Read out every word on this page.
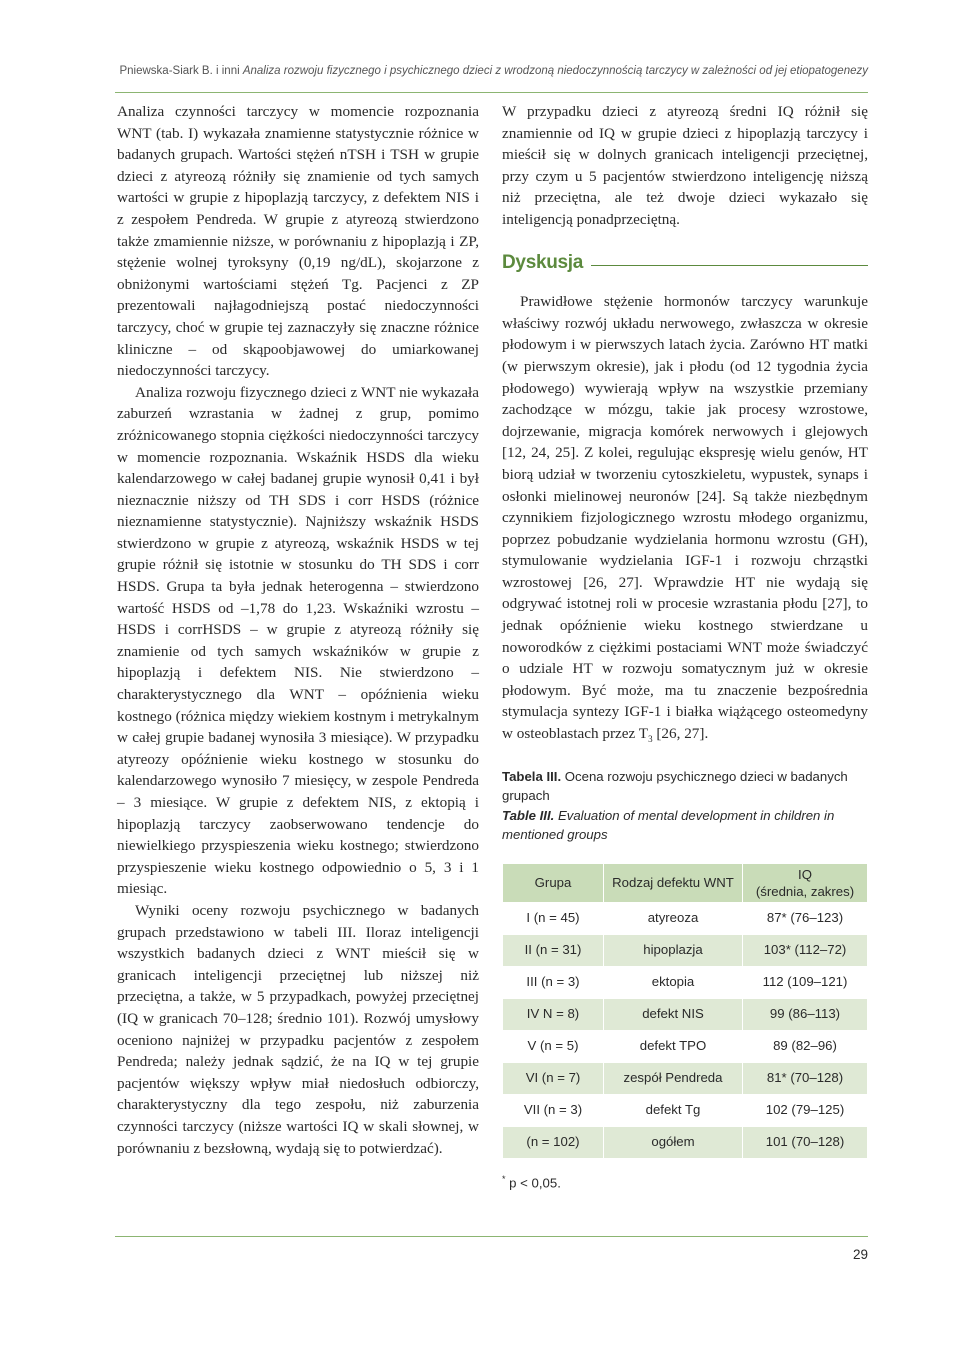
Pniewska-Siark B. i inni Analiza rozwoju fizycznego i psychicznego dzieci z wrodzoną niedoczynnością tarczycy w zależności od jej etiopatogenezy

Analiza czynności tarczycy w momencie rozpoznania WNT (tab. I) wykazała znamienne statystycznie różnice w badanych grupach. Wartości stężeń nTSH i TSH w grupie dzieci z atyreozą różniły się znamienie od tych samych wartości w grupie z hipoplazją tarczycy, z defektem NIS i z zespołem Pendreda. W grupie z atyreozą stwierdzono także zmamiennie niższe, w porównaniu z hipoplazją i ZP, stężenie wolnej tyroksyny (0,19 ng/dL), skojarzone z obniżonymi wartościami stężeń Tg. Pacjenci z ZP prezentowali najłagodniejszą postać niedoczynności tarczycy, choć w grupie tej zaznaczyły się znaczne różnice kliniczne – od skąpoobjawowej do umiarkowanej niedoczynności tarczycy.

Analiza rozwoju fizycznego dzieci z WNT nie wykazała zaburzeń wzrastania w żadnej z grup, pomimo zróżnicowanego stopnia ciężkości niedoczynności tarczycy w momencie rozpoznania. Wskaźnik HSDS dla wieku kalendarzowego w całej badanej grupie wynosił 0,41 i był nieznacznie niższy od TH SDS i corr HSDS (różnice nieznamienne statystycznie). Najniższy wskaźnik HSDS stwierdzono w grupie z atyreozą, wskaźnik HSDS w tej grupie różnił się istotnie w stosunku do TH SDS i corr HSDS. Grupa ta była jednak heterogenna – stwierdzono wartość HSDS od –1,78 do 1,23. Wskaźniki wzrostu – HSDS i corrHSDS – w grupie z atyreozą różniły się znamienie od tych samych wskaźników w grupie z hipoplazją i defektem NIS. Nie stwierdzono – charakterystycznego dla WNT – opóźnienia wieku kostnego (różnica między wiekiem kostnym i metrykalnym w całej grupie badanej wynosiła 3 miesiące). W przypadku atyreozy opóźnienie wieku kostnego w stosunku do kalendarzowego wynosiło 7 miesięcy, w zespole Pendreda – 3 miesiące. W grupie z defektem NIS, z ektopią i hipoplazją tarczycy zaobserwowano tendencje do niewielkiego przyspieszenia wieku kostnego; stwierdzono przyspieszenie wieku kostnego odpowiednio o 5, 3 i 1 miesiąc.

Wyniki oceny rozwoju psychicznego w badanych grupach przedstawiono w tabeli III. Iloraz inteligencji wszystkich badanych dzieci z WNT mieścił się w granicach inteligencji przeciętnej lub niższej niż przeciętna, a także, w 5 przypadkach, powyżej przeciętnej (IQ w granicach 70–128; średnio 101). Rozwój umysłowy oceniono najniżej w przypadku pacjentów z zespołem Pendreda; należy jednak sądzić, że na IQ w tej grupie pacjentów większy wpływ miał niedosłuch odbiorczy, charakterystyczny dla tego zespołu, niż zaburzenia czynności tarczycy (niższe wartości IQ w skali słownej, w porównaniu z bezsłowną, wydają się to potwierdzać).

W przypadku dzieci z atyreozą średni IQ różnił się znamiennie od IQ w grupie dzieci z hipoplazją tarczycy i mieścił się w dolnych granicach inteligencji przeciętnej, przy czym u 5 pacjentów stwierdzono inteligencję niższą niż przeciętna, ale też dwoje dzieci wykazało się inteligencją ponadprzeciętną.

Dyskusja

Prawidłowe stężenie hormonów tarczycy warunkuje właściwy rozwój układu nerwowego, zwłaszcza w okresie płodowym i w pierwszych latach życia. Zarówno HT matki (w pierwszym okresie), jak i płodu (od 12 tygodnia życia płodowego) wywierają wpływ na wszystkie przemiany zachodzące w mózgu, takie jak procesy wzrostowe, dojrzewanie, migracja komórek nerwowych i glejowych [12, 24, 25]. Z kolei, regulując ekspresję wielu genów, HT biorą udział w tworzeniu cytoszkieletu, wypustek, synaps i osłonki mielinowej neuronów [24]. Są także niezbędnym czynnikiem fizjologicznego wzrostu młodego organizmu, poprzez pobudzanie wydzielania hormonu wzrostu (GH), stymulowanie wydzielania IGF-1 i rozwoju chrząstki wzrostowej [26, 27]. Wprawdzie HT nie wydają się odgrywać istotnej roli w procesie wzrastania płodu [27], to jednak opóźnienie wieku kostnego stwierdzane u noworodków z ciężkimi postaciami WNT może świadczyć o udziale HT w rozwoju somatycznym już w okresie płodowym. Być może, ma tu znaczenie bezpośrednia stymulacja syntezy IGF-1 i białka wiążącego osteomedyny w osteoblastach przez $T_3$ [26, 27].

Tabela III. Ocena rozwoju psychicznego dzieci w badanych grupach
Table III. Evaluation of mental development in children in mentioned groups
Grupa	Rodzaj defektu WNT	IQ
(średnia, zakres)
I (n = 45)	atyreoza	87* (76–123)
II (n = 31)	hipoplazja	103* (112–72)
III (n = 3)	ektopia	112 (109–121)
IV N = 8)	defekt NIS	99 (86–113)
V (n = 5)	defekt TPO	89 (82–96)
VI (n = 7)	zespół Pendreda	81* (70–128)
VII (n = 3)	defekt Tg	102 (79–125)
(n = 102)	ogółem	101 (70–128)
* p < 0,05.
29
